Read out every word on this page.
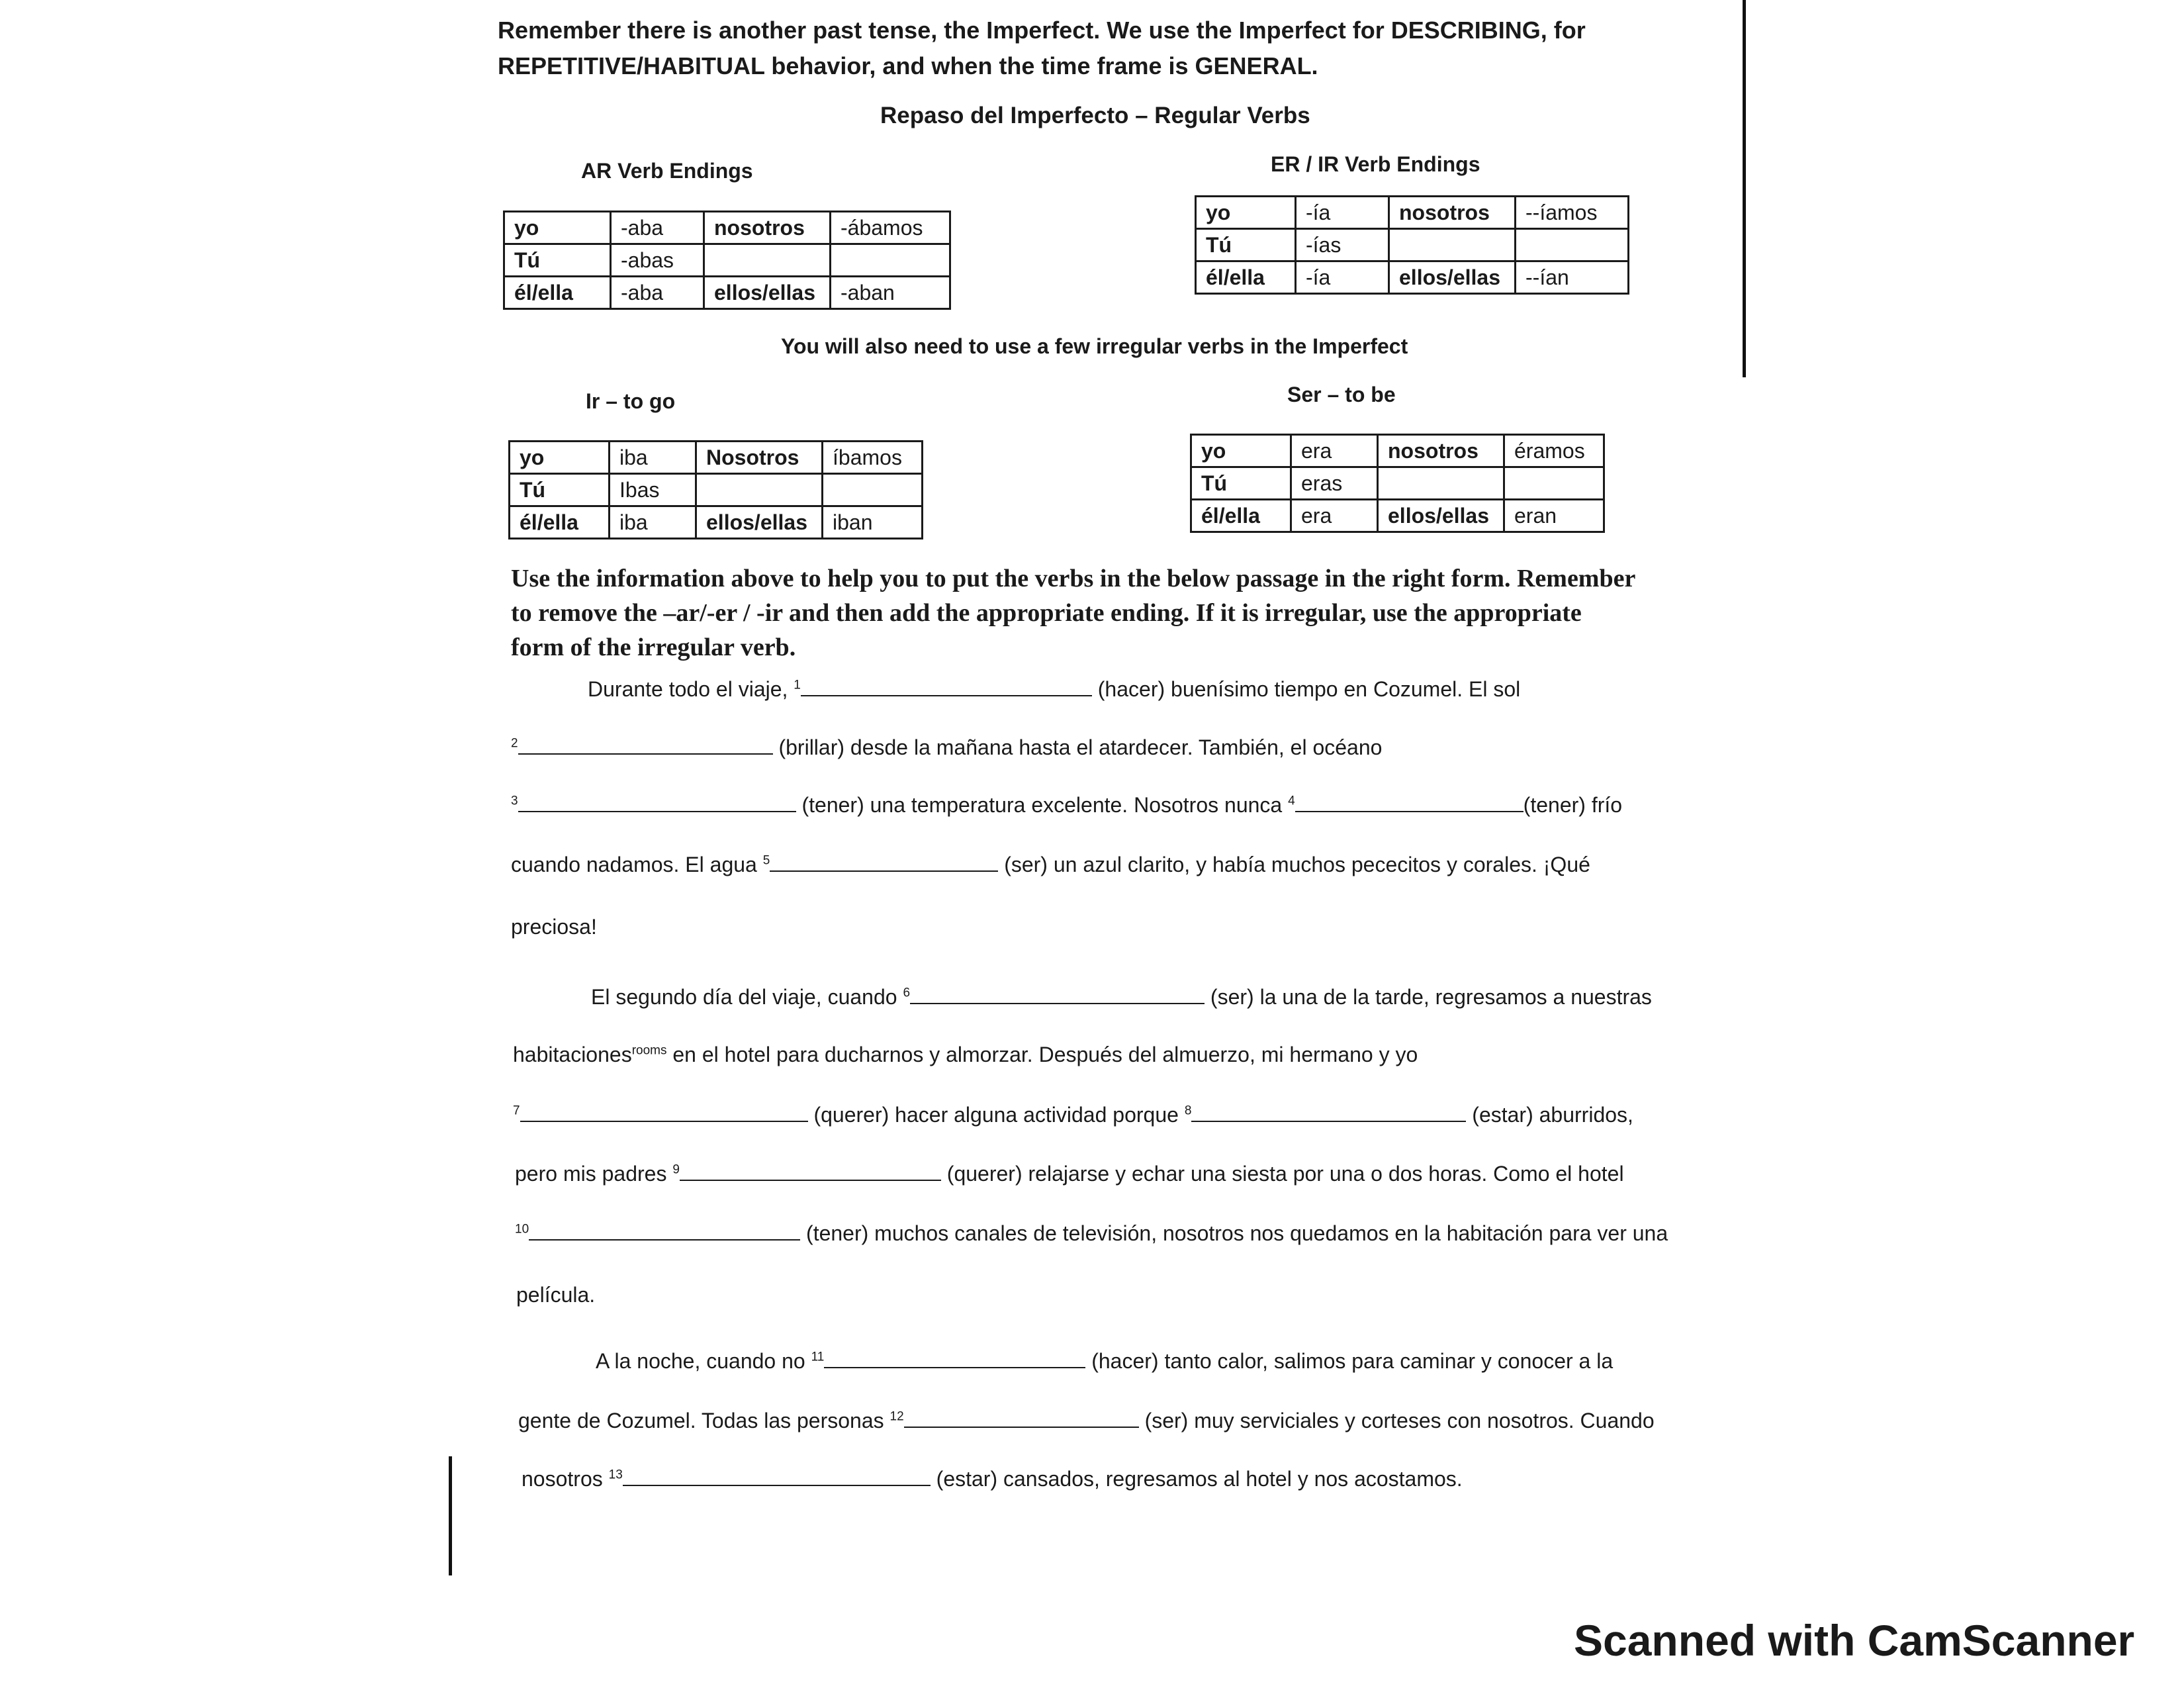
Remember there is another past tense, the Imperfect. We use the Imperfect for DESCRIBING, for
REPETITIVE/HABITUAL behavior, and when the time frame is GENERAL.
Repaso del Imperfecto – Regular Verbs
AR Verb Endings
yo	-aba	nosotros	-ábamos
Tú	-abas		
él/ella	-aba	ellos/ellas	-aban
ER / IR Verb Endings
yo	-ía	nosotros	--íamos
Tú	-ías		
él/ella	-ía	ellos/ellas	--ían
You will also need to use a few irregular verbs in the Imperfect
Ir – to go
yo	iba	Nosotros	íbamos
Tú	Ibas		
él/ella	iba	ellos/ellas	iban
Ser – to be
yo	era	nosotros	éramos
Tú	eras		
él/ella	era	ellos/ellas	eran
Use the information above to help you to put the verbs in the below passage in the right form. Remember
to remove the –ar/-er / -ir and then add the appropriate ending. If it is irregular, use the appropriate
form of the irregular verb.
Durante todo el viaje, $^1$	(hacer) buenísimo tiempo en Cozumel. El sol
$^2$	(brillar) desde la mañana hasta el atardecer. También, el océano
$^3$	(tener) una temperatura excelente. Nosotros nunca $^4$	(tener) frío
cuando nadamos. El agua $^5$	(ser) un azul clarito, y había muchos pececitos y corales. ¡Qué
preciosa!
El segundo día del viaje, cuando $^6$	(ser) la una de la tarde, regresamos a nuestras
habitaciones$^{rooms}$ en el hotel para ducharnos y almorzar. Después del almuerzo, mi hermano y yo
$^7$	(querer) hacer alguna actividad porque $^8$	(estar) aburridos,
pero mis padres $^9$	(querer) relajarse y echar una siesta por una o dos horas. Como el hotel
$^{10}$	(tener) muchos canales de televisión, nosotros nos quedamos en la habitación para ver una
película.
A la noche, cuando no $^{11}$	(hacer) tanto calor, salimos para caminar y conocer a la
gente de Cozumel. Todas las personas $^{12}$	(ser) muy serviciales y corteses con nosotros. Cuando
nosotros $^{13}$	(estar) cansados, regresamos al hotel y nos acostamos.
Scanned with CamScanner
